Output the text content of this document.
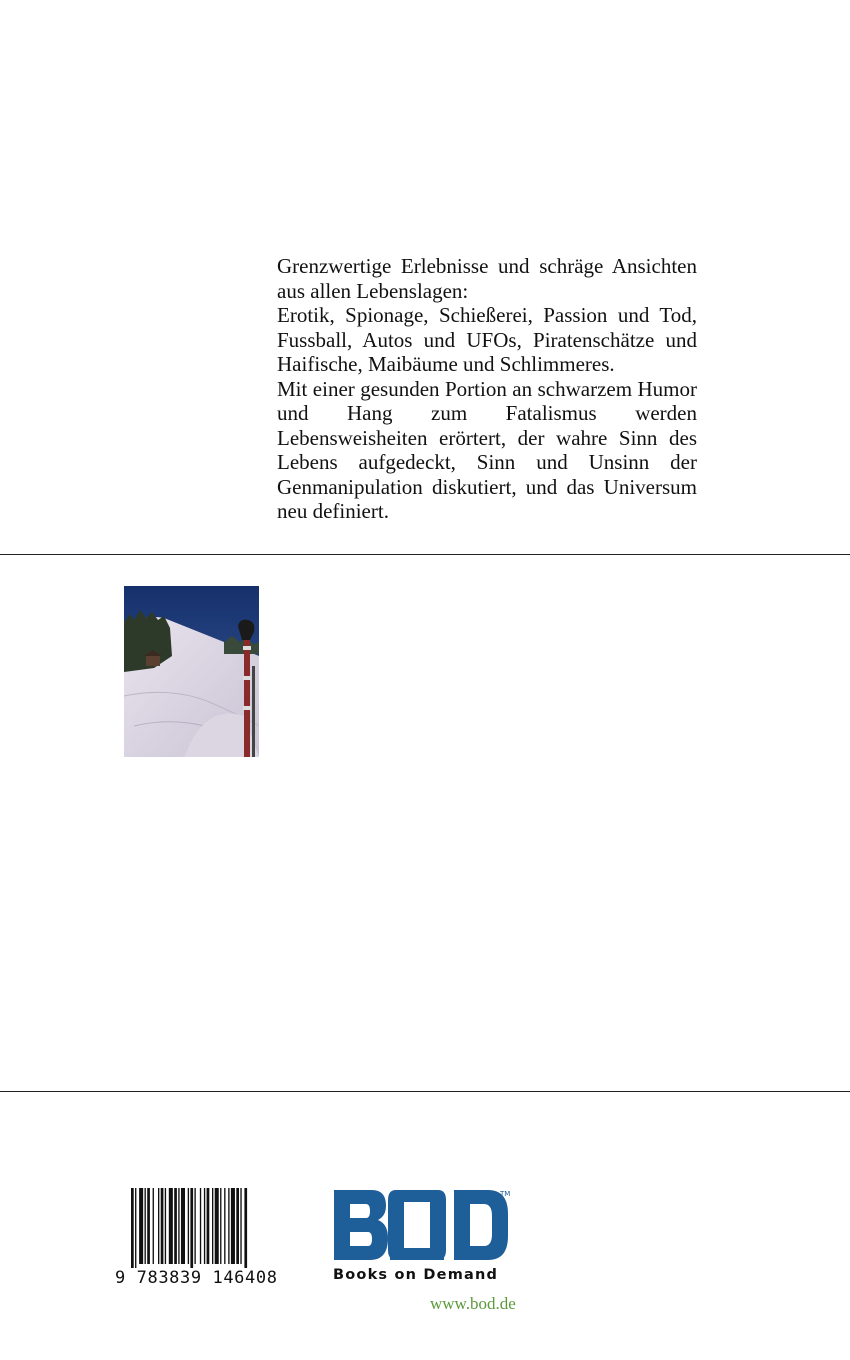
Grenzwertige Erlebnisse und schräge Ansichten aus allen Lebenslagen:

Erotik, Spionage, Schießerei, Passion und Tod, Fussball, Autos und UFOs, Piratenschätze und Haifische, Maibäume und Schlimmeres.

Mit einer gesunden Portion an schwarzem Humor und Hang zum Fatalismus werden Lebensweisheiten erörtert, der wahre Sinn des Lebens aufgedeckt, Sinn und Unsinn der Genmanipulation diskutiert, und das Universum neu definiert.

9 783839 146408
TM
Books on Demand
www.bod.de
